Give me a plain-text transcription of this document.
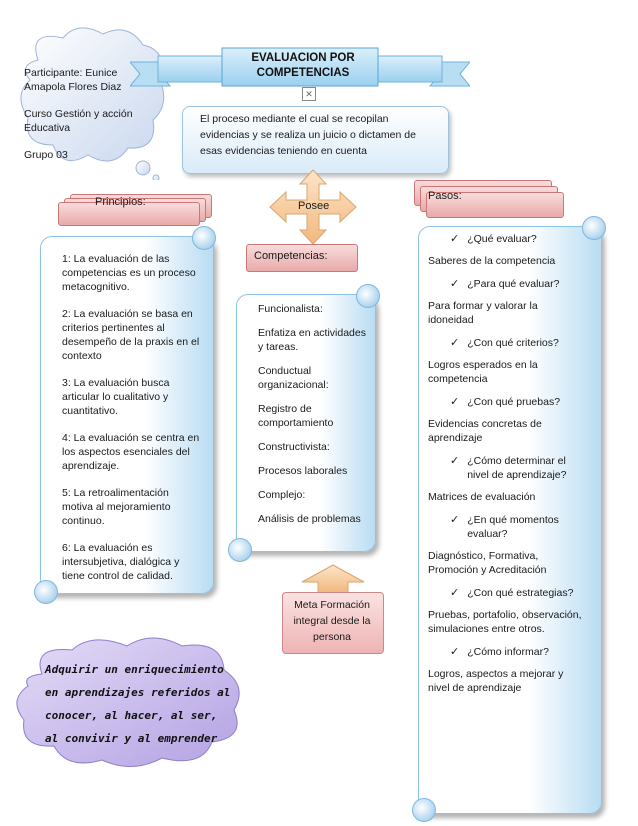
Participante: Eunice Amapola Flores Diaz

Curso Gestión y acción Educativa

Grupo 03

EVALUACION POR
COMPETENCIAS
✕
El proceso mediante el cual se recopilan evidencias y se realiza un juicio o dictamen de esas evidencias teniendo en cuenta
Principios:	Pasos:
Posee
Competencias:

1: La evaluación de las competencias es un proceso metacognitivo.

2: La evaluación se basa en criterios pertinentes al desempeño de la praxis en el contexto

3: La evaluación busca articular lo cualitativo y cuantitativo.

4: La evaluación se centra en los aspectos esenciales del aprendizaje.

5: La retroalimentación motiva al mejoramiento continuo.

6: La evaluación es intersubjetiva, dialógica y tiene control de calidad.

Funcionalista:

Enfatiza en actividades y tareas.

Conductual organizacional:

Registro de comportamiento

Constructivista:

Procesos laborales

Complejo:

Análisis de problemas

Meta Formación integral desde la persona
✓ ¿Qué evaluar?
Saberes de la competencia
✓ ¿Para qué evaluar?
Para formar y valorar la idoneidad
✓ ¿Con qué criterios?
Logros esperados en la competencia
✓ ¿Con qué pruebas?
Evidencias concretas de aprendizaje
✓ ¿Cómo determinar el nivel de aprendizaje?
Matrices de evaluación
✓ ¿En qué momentos evaluar?
Diagnóstico, Formativa, Promoción y Acreditación
✓ ¿Con qué estrategias?
Pruebas, portafolio, observación, simulaciones entre otros.
✓ ¿Cómo informar?
Logros, aspectos a mejorar y nivel de aprendizaje
Adquirir un enriquecimiento en aprendizajes referidos al conocer, al hacer, al ser, al convivir y al emprender
